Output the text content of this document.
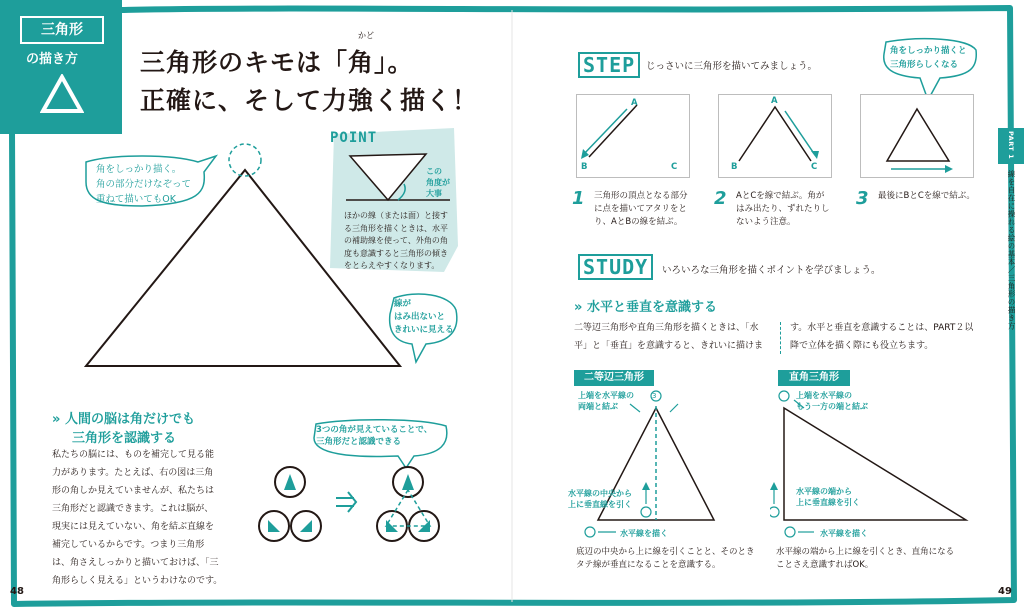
三角形
の描き方
かど
三角形のキモは「角」。
正確に、そして力強く描く！
角をしっかり描く。
角の部分だけなぞって
重ねて描いてもOK
POINT
この
角度が
大事
ほかの線（または面）と接す
る三角形を描くときは、水平
の補助線を使って、外角の角
度も意識すると三角形の傾き
をとらえやすくなります。
線が
はみ出ないと
きれいに見える
» 人間の脳は角だけでも
三角形を認識する
私たちの脳には、ものを補完して見る能
力があります。たとえば、右の図は三角
形の角しか見えていませんが、私たちは
三角形だと認識できます。これは脳が、
現実には見えていない、角を結ぶ直線を
補完しているからです。つまり三角形
は、角さえしっかりと描いておけば、「三
角形らしく見える」というわけなのです。
3つの角が見えていることで、
三角形だと認識できる
48
STEP	じっさいに三角形を描いてみましょう。
角をしっかり描くと
三角形らしくなる
A
B	C
A
B	C
1 三角形の頂点となる部分
に点を描いてアタリをと
り、AとBの線を結ぶ。
2 AとCを線で結ぶ。角が
はみ出たり、ずれたりし
ないよう注意。
3 最後にBとCを線で結ぶ。
STUDY	いろいろな三角形を描くポイントを学びましょう。
» 水平と垂直を意識する
二等辺三角形や直角三角形を描くときは、「水
平」と「垂直」を意識すると、きれいに描けま
す。水平と垂直を意識することは、PART２以
降で立体を描く際にも役立ちます。
二等辺三角形
3
上端を水平線の
両端と結ぶ
水平線の中央から
上に垂直線を引く
水平線を描く
底辺の中央から上に線を引くことと、そのとき
タテ線が垂直になることを意識する。
直角三角形
上端を水平線の
もう一方の端と結ぶ
水平線の端から
上に垂直線を引く
水平線を描く
水平線の端から上に線を引くとき、直角になる
ことさえ意識すればOK。
PART 1
線を自在に操れる絵の基本／三角形の描き方
49
